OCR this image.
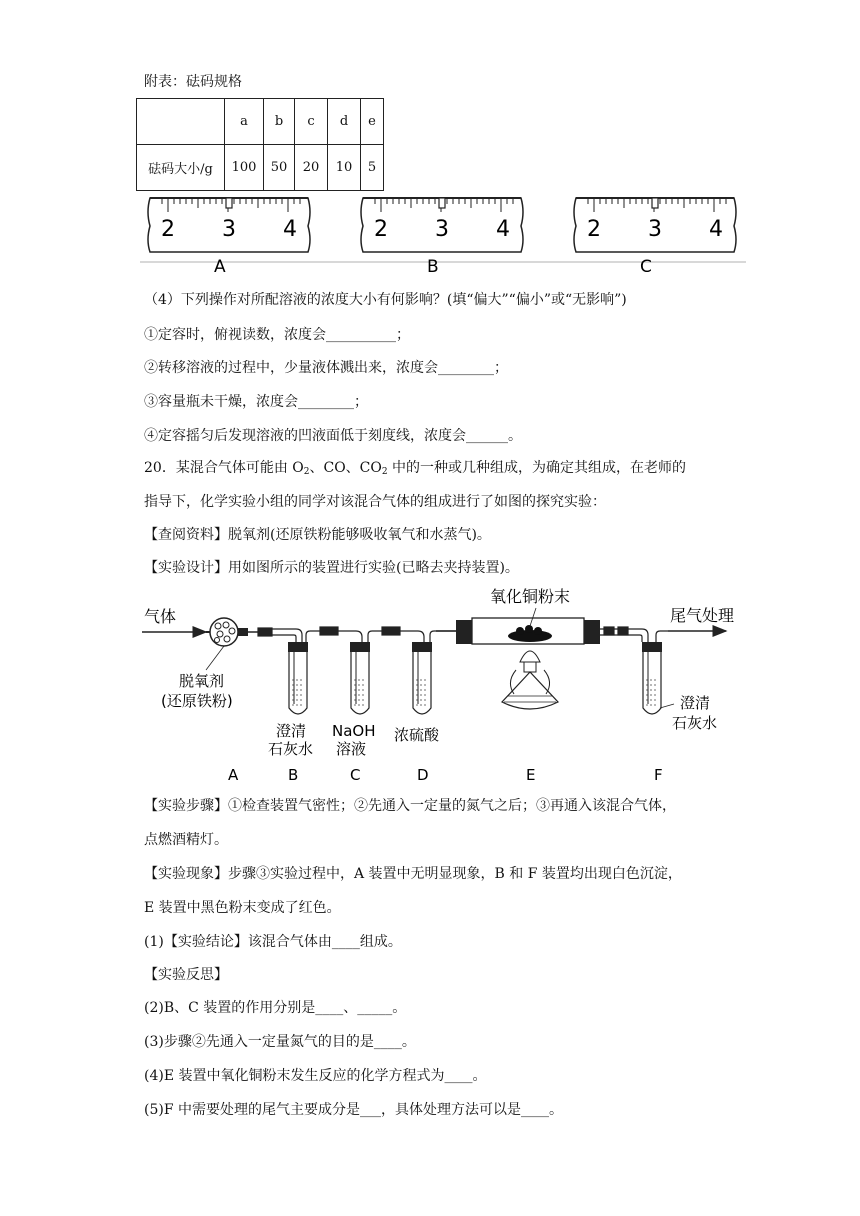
附表：砝码规格
	a	b	c	d	e
砝码大小/g	100	50	20	10	5
2 3 4
A
2 3 4
B
2 3 4
C
（4）下列操作对所配溶液的浓度大小有何影响？(填“偏大”“偏小”或“无影响”)
①定容时，俯视读数，浓度会__________；
②转移溶液的过程中，少量液体溅出来，浓度会________；
③容量瓶未干燥，浓度会________；
④定容摇匀后发现溶液的凹液面低于刻度线，浓度会______。
20．某混合气体可能由 $O_2$、CO、$CO_2$ 中的一种或几种组成，为确定其组成，在老师的
指导下，化学实验小组的同学对该混合气体的组成进行了如图的探究实验：
【查阅资料】脱氧剂(还原铁粉能够吸收氧气和水蒸气)。
【实验设计】用如图所示的装置进行实验(已略去夹持装置)。
气体
脱氧剂
(还原铁粉)
氧化铜粉末
尾气处理
澄清
石灰水
NaOH
溶液
浓硫酸
澄清
石灰水
A	B	C	D	E	F
【实验步骤】①检查装置气密性；②先通入一定量的氮气之后；③再通入该混合气体，
点燃酒精灯。
【实验现象】步骤③实验过程中，A 装置中无明显现象，B 和 F 装置均出现白色沉淀，
E 装置中黑色粉末变成了红色。
(1)【实验结论】该混合气体由____组成。
【实验反思】
(2)B、C 装置的作用分别是____、_____。
(3)步骤②先通入一定量氮气的目的是____。
(4)E 装置中氧化铜粉末发生反应的化学方程式为____。
(5)F 中需要处理的尾气主要成分是___，具体处理方法可以是____。
